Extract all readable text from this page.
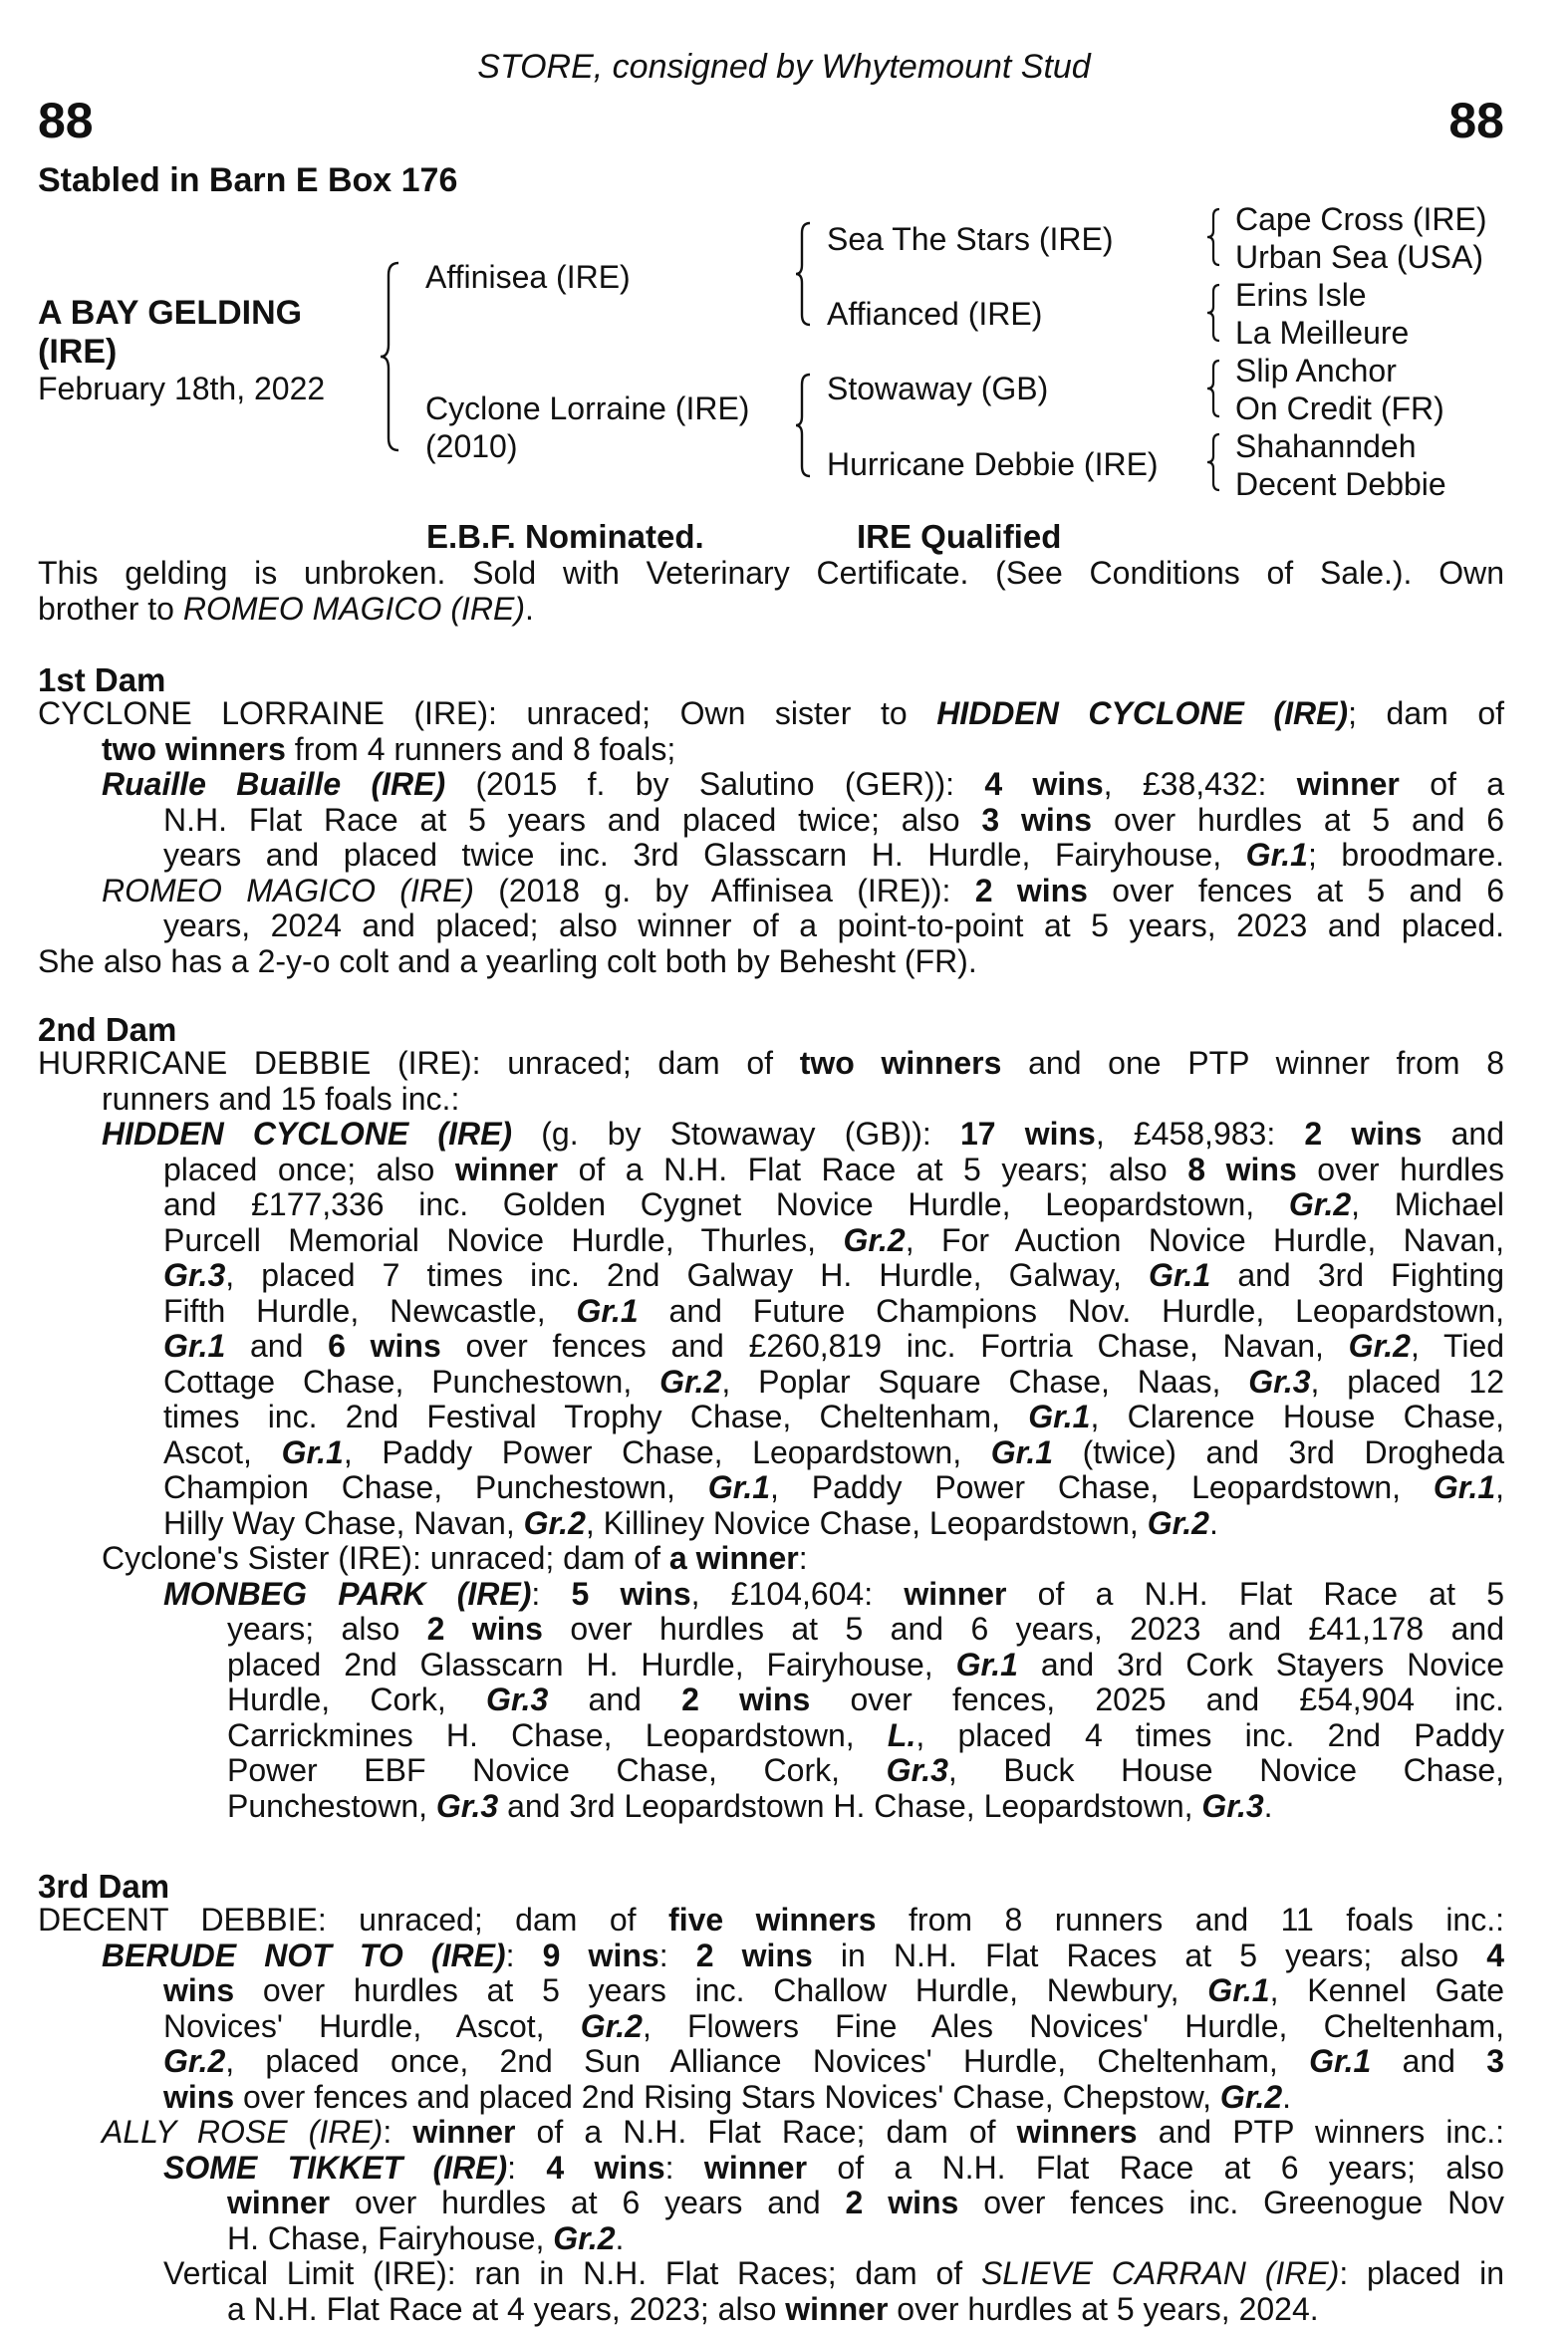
STORE, consigned by Whytemount Stud
88	88
Stabled in Barn E Box 176
A BAY GELDING
(IRE)
February 18th, 2022
Affinisea (IRE)
Cyclone Lorraine (IRE)
(2010)
Sea The Stars (IRE)
Affianced (IRE)
Stowaway (GB)
Hurricane Debbie (IRE)
Cape Cross (IRE)
Urban Sea (USA)
Erins Isle
La Meilleure
Slip Anchor
On Credit (FR)
Shahanndeh
Decent Debbie
E.B.F. Nominated.	IRE Qualified
This gelding is unbroken. Sold with Veterinary Certificate. (See Conditions of Sale.). Own
brother to ROMEO MAGICO (IRE).
1st Dam
CYCLONE LORRAINE (IRE): unraced; Own sister to HIDDEN CYCLONE (IRE); dam of
two winners from 4 runners and 8 foals;
Ruaille Buaille (IRE) (2015 f. by Salutino (GER)): 4 wins, £38,432: winner of a
N.H. Flat Race at 5 years and placed twice; also 3 wins over hurdles at 5 and 6
years and placed twice inc. 3rd Glasscarn H. Hurdle, Fairyhouse, Gr.1; broodmare.
ROMEO MAGICO (IRE) (2018 g. by Affinisea (IRE)): 2 wins over fences at 5 and 6
years, 2024 and placed; also winner of a point-to-point at 5 years, 2023 and placed.
She also has a 2-y-o colt and a yearling colt both by Behesht (FR).
2nd Dam
HURRICANE DEBBIE (IRE): unraced; dam of two winners and one PTP winner from 8
runners and 15 foals inc.:
HIDDEN CYCLONE (IRE) (g. by Stowaway (GB)): 17 wins, £458,983: 2 wins and
placed once; also winner of a N.H. Flat Race at 5 years; also 8 wins over hurdles
and £177,336 inc. Golden Cygnet Novice Hurdle, Leopardstown, Gr.2, Michael
Purcell Memorial Novice Hurdle, Thurles, Gr.2, For Auction Novice Hurdle, Navan,
Gr.3, placed 7 times inc. 2nd Galway H. Hurdle, Galway, Gr.1 and 3rd Fighting
Fifth Hurdle, Newcastle, Gr.1 and Future Champions Nov. Hurdle, Leopardstown,
Gr.1 and 6 wins over fences and £260,819 inc. Fortria Chase, Navan, Gr.2, Tied
Cottage Chase, Punchestown, Gr.2, Poplar Square Chase, Naas, Gr.3, placed 12
times inc. 2nd Festival Trophy Chase, Cheltenham, Gr.1, Clarence House Chase,
Ascot, Gr.1, Paddy Power Chase, Leopardstown, Gr.1 (twice) and 3rd Drogheda
Champion Chase, Punchestown, Gr.1, Paddy Power Chase, Leopardstown, Gr.1,
Hilly Way Chase, Navan, Gr.2, Killiney Novice Chase, Leopardstown, Gr.2.
Cyclone's Sister (IRE): unraced; dam of a winner:
MONBEG PARK (IRE): 5 wins, £104,604: winner of a N.H. Flat Race at 5
years; also 2 wins over hurdles at 5 and 6 years, 2023 and £41,178 and
placed 2nd Glasscarn H. Hurdle, Fairyhouse, Gr.1 and 3rd Cork Stayers Novice
Hurdle, Cork, Gr.3 and 2 wins over fences, 2025 and £54,904 inc.
Carrickmines H. Chase, Leopardstown, L., placed 4 times inc. 2nd Paddy
Power EBF Novice Chase, Cork, Gr.3, Buck House Novice Chase,
Punchestown, Gr.3 and 3rd Leopardstown H. Chase, Leopardstown, Gr.3.
3rd Dam
DECENT DEBBIE: unraced; dam of five winners from 8 runners and 11 foals inc.:
BERUDE NOT TO (IRE): 9 wins: 2 wins in N.H. Flat Races at 5 years; also 4
wins over hurdles at 5 years inc. Challow Hurdle, Newbury, Gr.1, Kennel Gate
Novices' Hurdle, Ascot, Gr.2, Flowers Fine Ales Novices' Hurdle, Cheltenham,
Gr.2, placed once, 2nd Sun Alliance Novices' Hurdle, Cheltenham, Gr.1 and 3
wins over fences and placed 2nd Rising Stars Novices' Chase, Chepstow, Gr.2.
ALLY ROSE (IRE): winner of a N.H. Flat Race; dam of winners and PTP winners inc.:
SOME TIKKET (IRE): 4 wins: winner of a N.H. Flat Race at 6 years; also
winner over hurdles at 6 years and 2 wins over fences inc. Greenogue Nov
H. Chase, Fairyhouse, Gr.2.
Vertical Limit (IRE): ran in N.H. Flat Races; dam of SLIEVE CARRAN (IRE): placed in
a N.H. Flat Race at 4 years, 2023; also winner over hurdles at 5 years, 2024.
